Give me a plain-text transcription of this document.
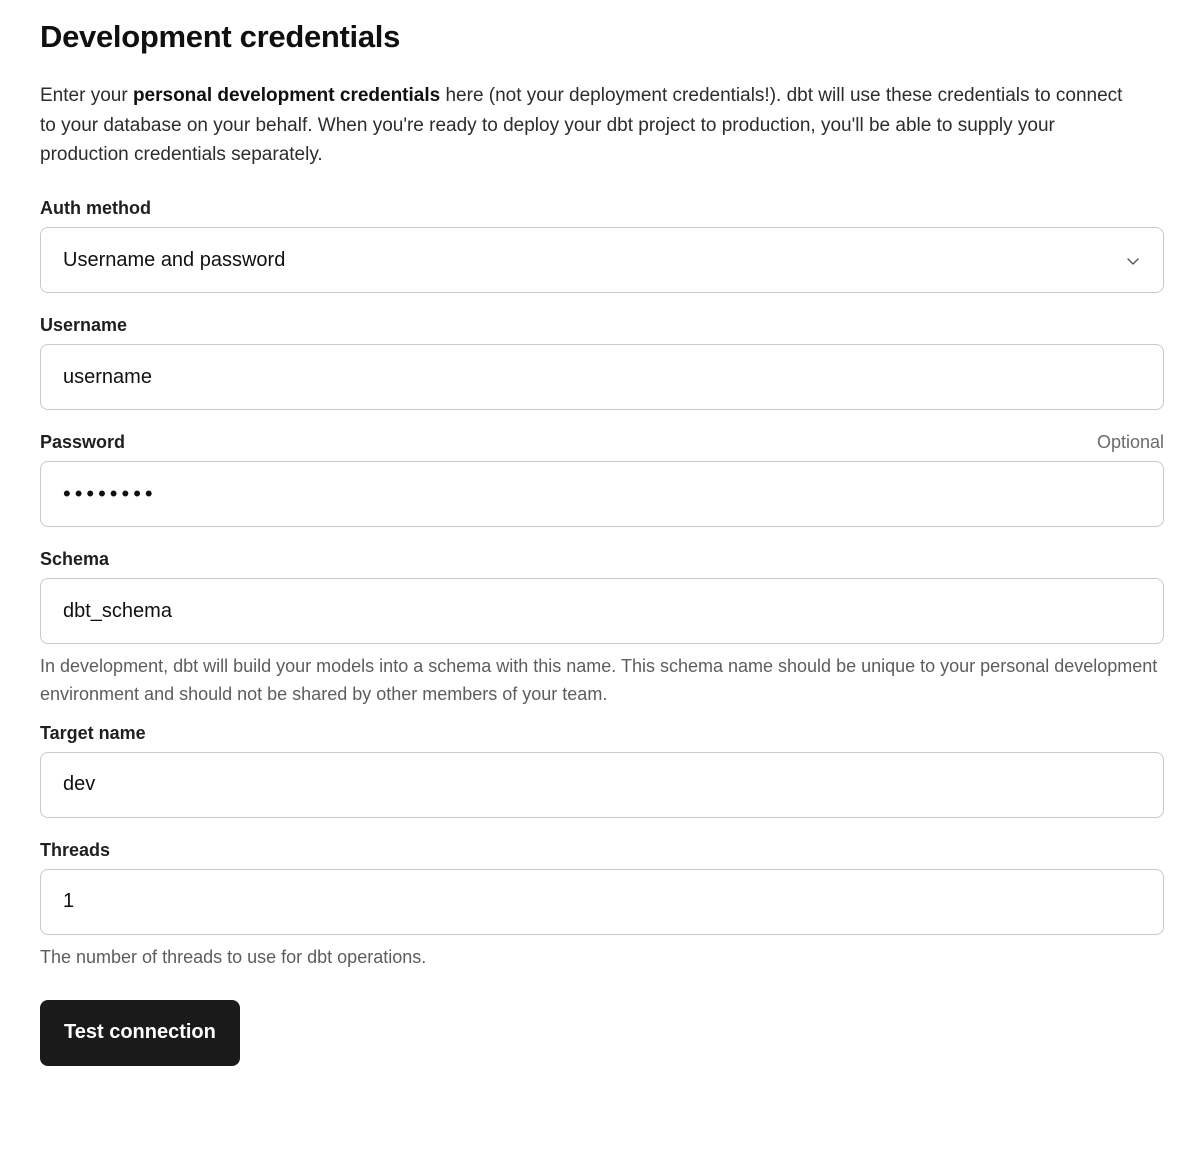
Development credentials

Enter your personal development credentials here (not your deployment credentials!). dbt will use these credentials to connect to your database on your behalf. When you're ready to deploy your dbt project to production, you'll be able to supply your production credentials separately.

Auth method
Username and password
Username
username
Password	Optional
••••••••
Schema
dbt_schema

In development, dbt will build your models into a schema with this name. This schema name should be unique to your personal development environment and should not be shared by other members of your team.

Target name
dev
Threads
1

The number of threads to use for dbt operations.

Test connection
